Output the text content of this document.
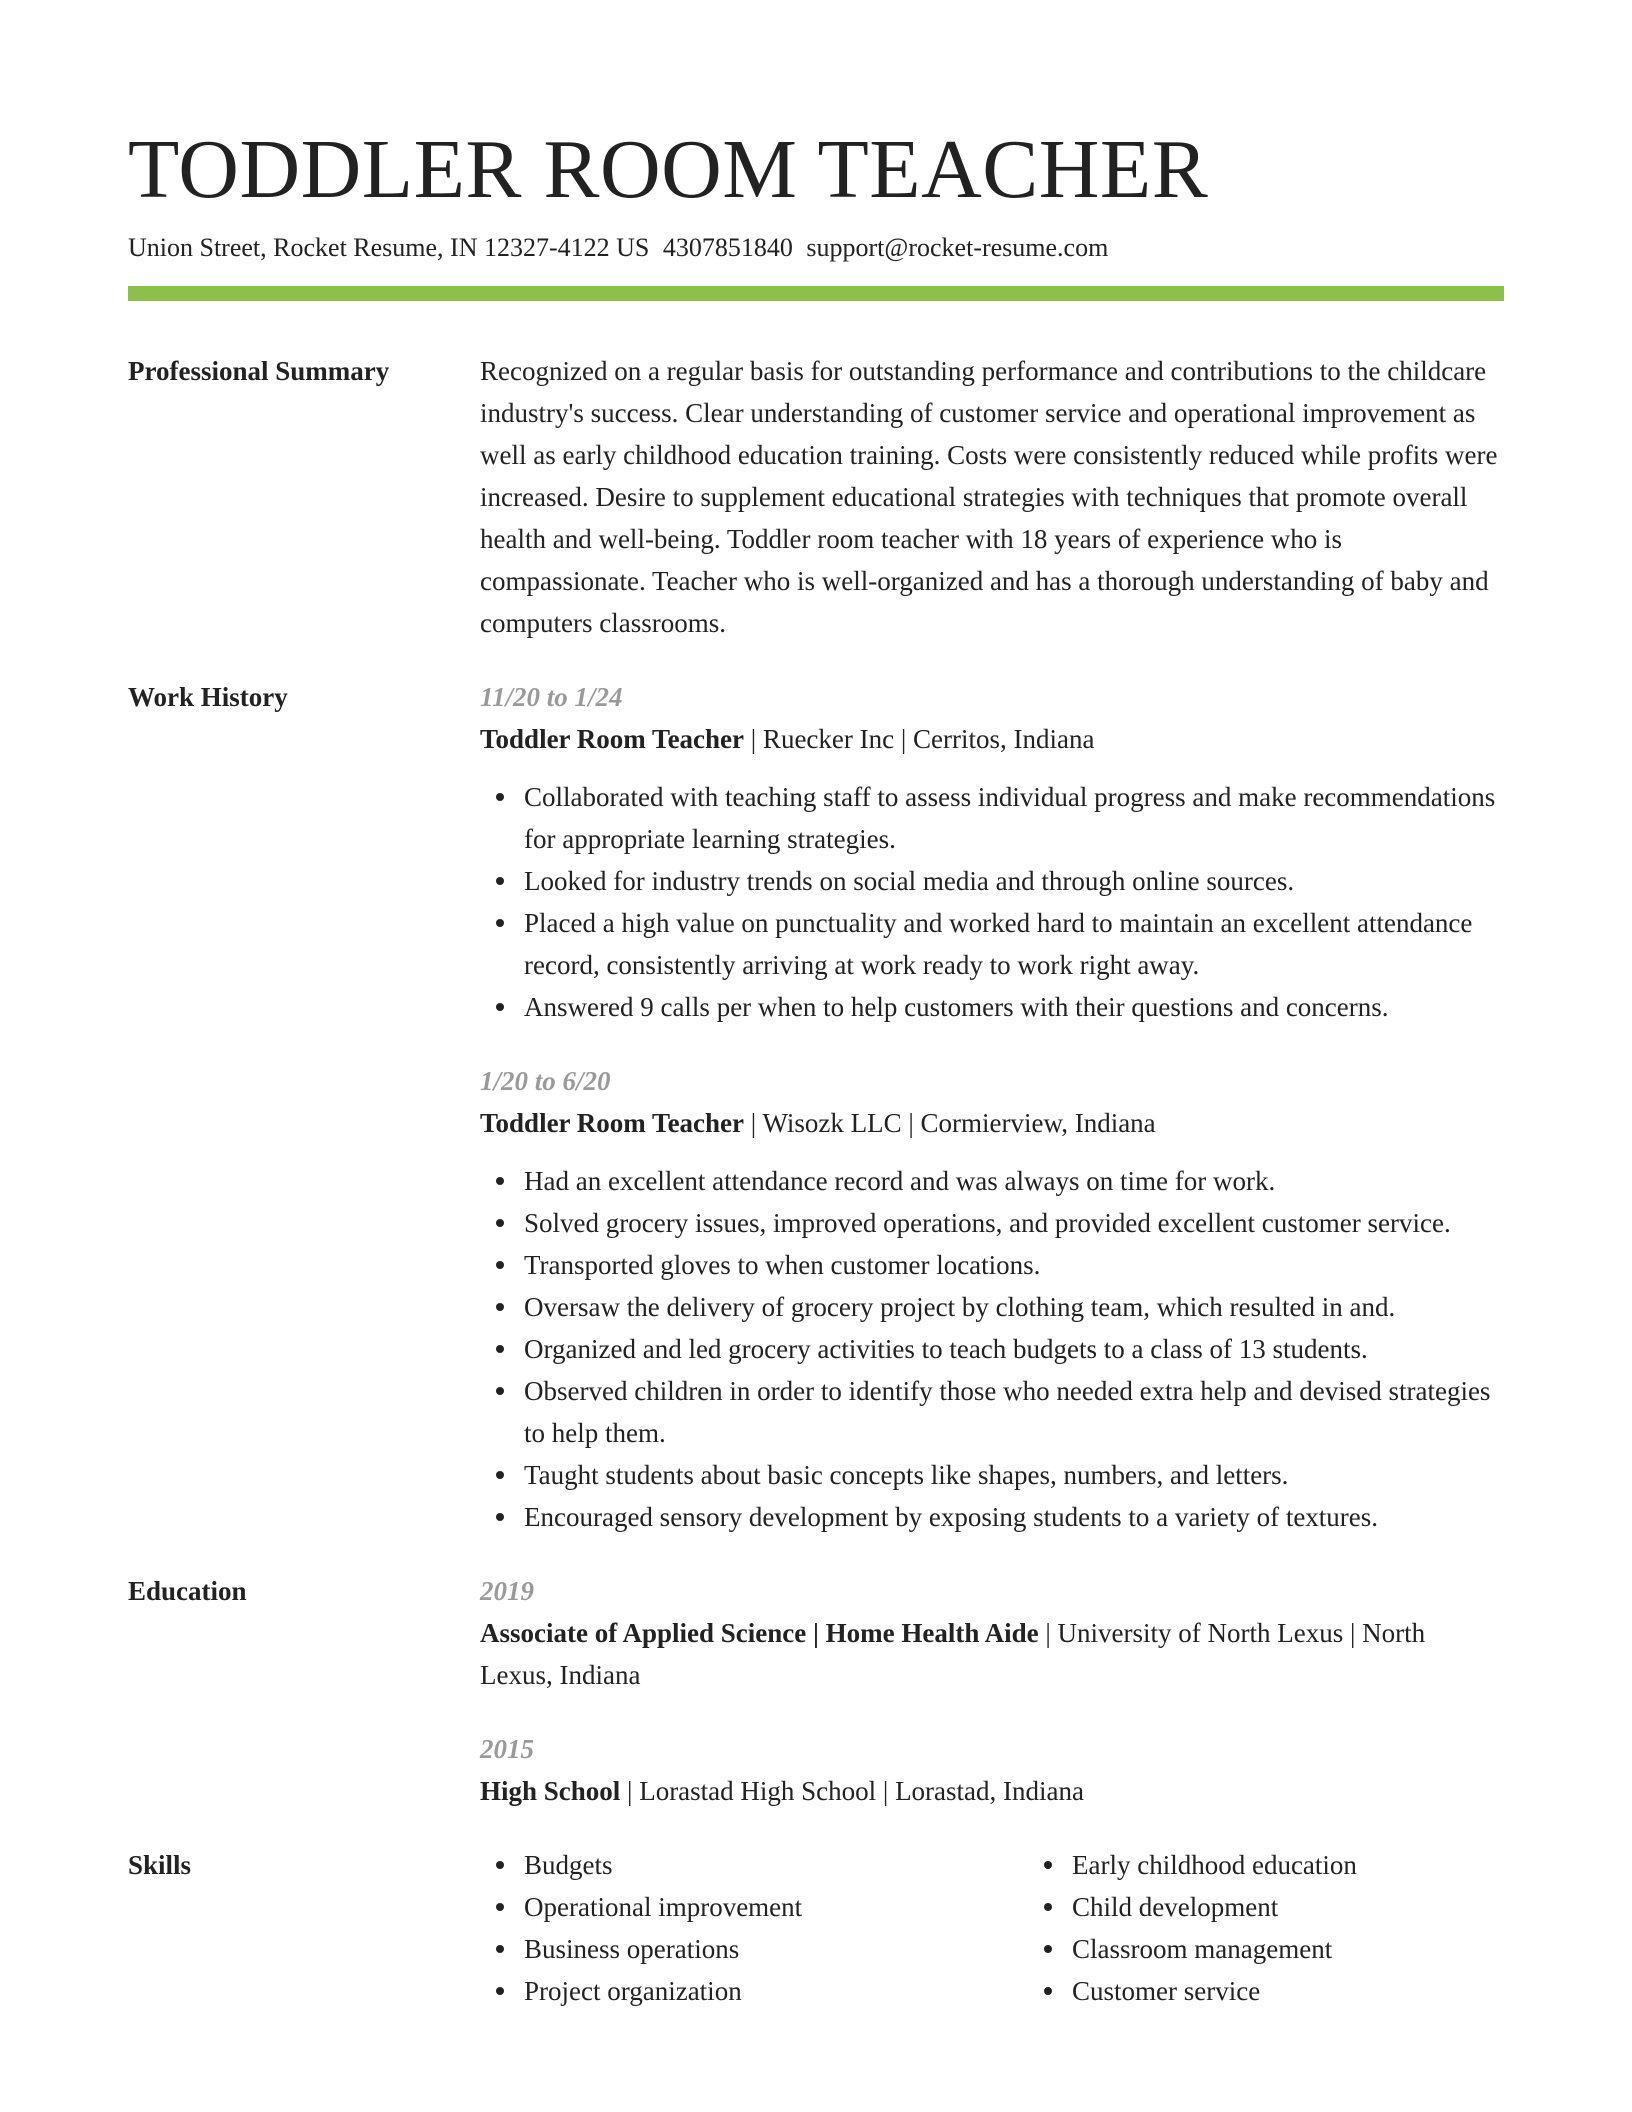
TODDLER ROOM TEACHER
Union Street, Rocket Resume, IN 12327-4122 US 4307851840 support@rocket-resume.com
Professional Summary	Recognized on a regular basis for outstanding performance and contributions to the childcare industry's success. Clear understanding of customer service and operational improvement as well as early childhood education training. Costs were consistently reduced while profits were increased. Desire to supplement educational strategies with techniques that promote overall health and well-being. Toddler room teacher with 18 years of experience who is compassionate. Teacher who is well-organized and has a thorough understanding of baby and computers classrooms.

Work History	11/20 to 1/24
Toddler Room Teacher | Ruecker Inc | Cerritos, Indiana
Collaborated with teaching staff to assess individual progress and make recommendations for appropriate learning strategies.
Looked for industry trends on social media and through online sources.
Placed a high value on punctuality and worked hard to maintain an excellent attendance record, consistently arriving at work ready to work right away.
Answered 9 calls per when to help customers with their questions and concerns.
1/20 to 6/20
Toddler Room Teacher | Wisozk LLC | Cormierview, Indiana
Had an excellent attendance record and was always on time for work.
Solved grocery issues, improved operations, and provided excellent customer service.
Transported gloves to when customer locations.
Oversaw the delivery of grocery project by clothing team, which resulted in and.
Organized and led grocery activities to teach budgets to a class of 13 students.
Observed children in order to identify those who needed extra help and devised strategies to help them.
Taught students about basic concepts like shapes, numbers, and letters.
Encouraged sensory development by exposing students to a variety of textures.
Education	2019
Associate of Applied Science | Home Health Aide | University of North Lexus | North Lexus, Indiana
2015
High School | Lorastad High School | Lorastad, Indiana
Skills	Budgets
Operational improvement
Business operations
Project organization
Early childhood education
Child development
Classroom management
Customer service
